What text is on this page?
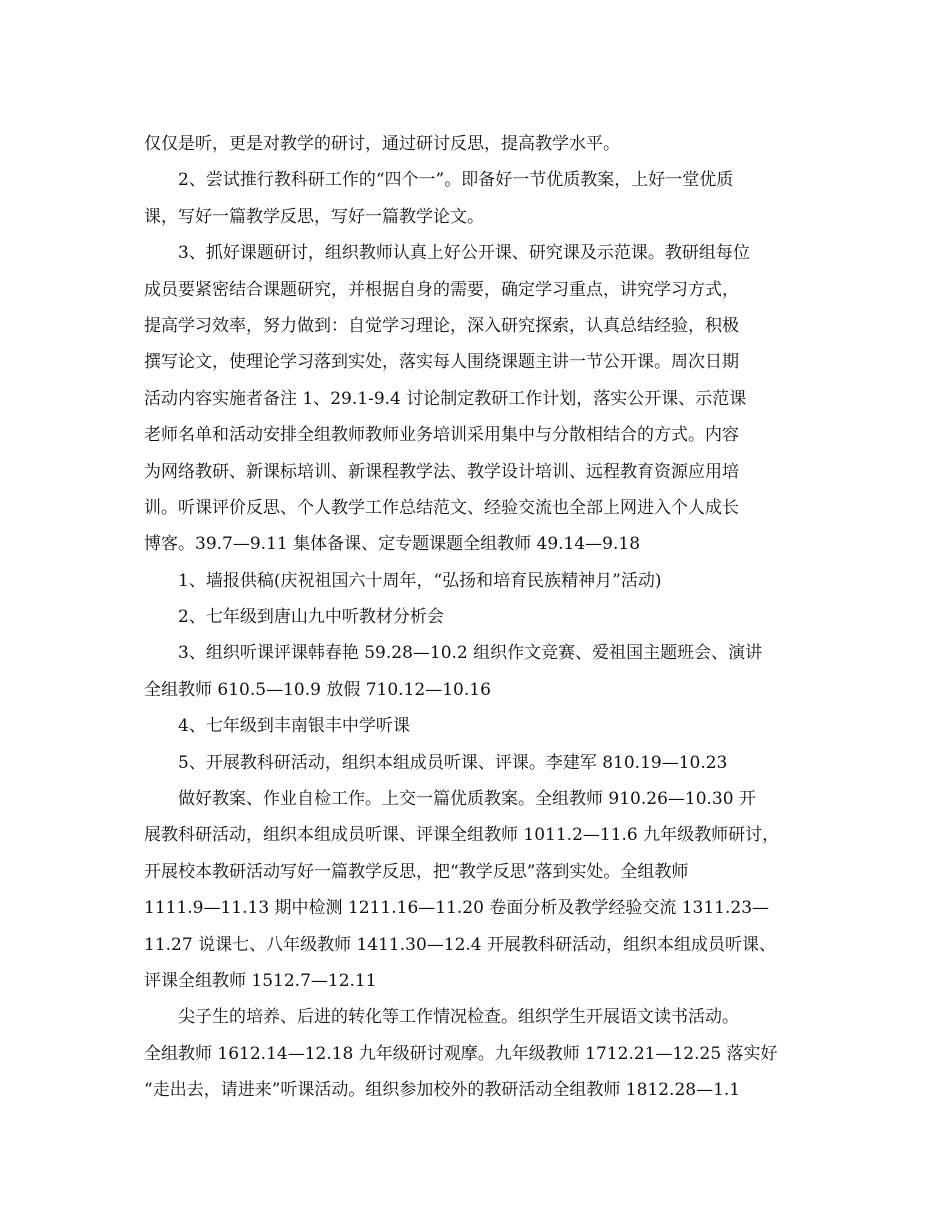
仅仅是听，更是对教学的研讨，通过研讨反思，提高教学水平。
2、尝试推行教科研工作的“四个一”。即备好一节优质教案，上好一堂优质
课，写好一篇教学反思，写好一篇教学论文。
3、抓好课题研讨，组织教师认真上好公开课、研究课及示范课。教研组每位
成员要紧密结合课题研究，并根据自身的需要，确定学习重点，讲究学习方式，
提高学习效率，努力做到：自觉学习理论，深入研究探索，认真总结经验，积极
撰写论文，使理论学习落到实处，落实每人围绕课题主讲一节公开课。周次日期
活动内容实施者备注 1、29.1-9.4 讨论制定教研工作计划，落实公开课、示范课
老师名单和活动安排全组教师教师业务培训采用集中与分散相结合的方式。内容
为网络教研、新课标培训、新课程教学法、教学设计培训、远程教育资源应用培
训。听课评价反思、个人教学工作总结范文、经验交流也全部上网进入个人成长
博客。39.7—9.11 集体备课、定专题课题全组教师 49.14—9.18
1、墙报供稿(庆祝祖国六十周年，“弘扬和培育民族精神月”活动)
2、七年级到唐山九中听教材分析会
3、组织听课评课韩春艳 59.28—10.2 组织作文竞赛、爱祖国主题班会、演讲
全组教师 610.5—10.9 放假 710.12—10.16
4、七年级到丰南银丰中学听课
5、开展教科研活动，组织本组成员听课、评课。李建军 810.19—10.23
做好教案、作业自检工作。上交一篇优质教案。全组教师 910.26—10.30 开
展教科研活动，组织本组成员听课、评课全组教师 1011.2—11.6 九年级教师研讨，
开展校本教研活动写好一篇教学反思，把“教学反思”落到实处。全组教师
1111.9—11.13 期中检测 1211.16—11.20 卷面分析及教学经验交流 1311.23—
11.27 说课七、八年级教师 1411.30—12.4 开展教科研活动，组织本组成员听课、
评课全组教师 1512.7—12.11
尖子生的培养、后进的转化等工作情况检查。组织学生开展语文读书活动。
全组教师 1612.14—12.18 九年级研讨观摩。九年级教师 1712.21—12.25 落实好
“走出去，请进来”听课活动。组织参加校外的教研活动全组教师 1812.28—1.1
